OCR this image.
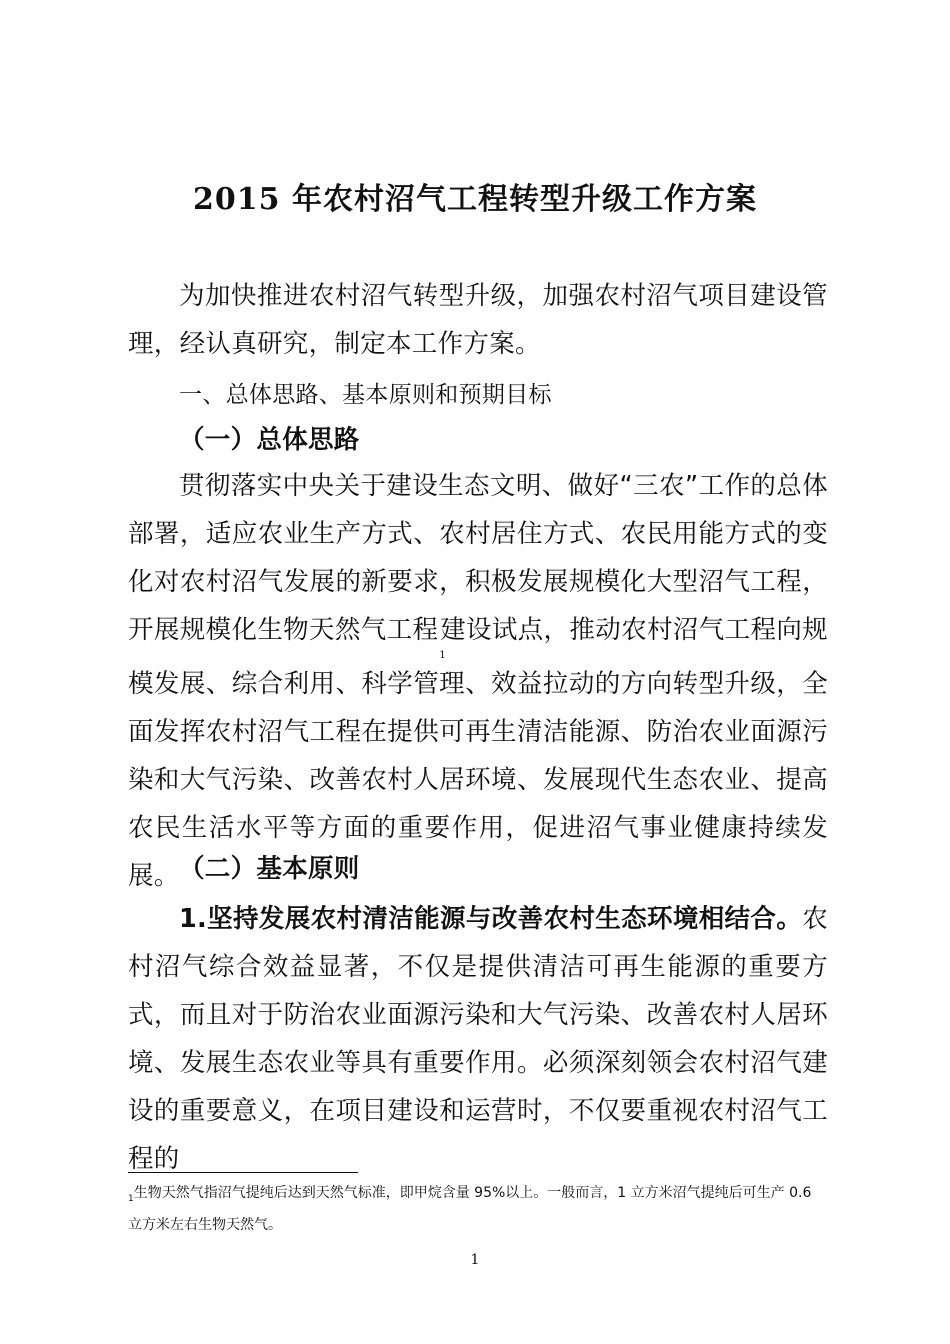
2015 年农村沼气工程转型升级工作方案

为加快推进农村沼气转型升级，加强农村沼气项目建设管理，经认真研究，制定本工作方案。

一、总体思路、基本原则和预期目标

（一）总体思路

贯彻落实中央关于建设生态文明、做好“三农”工作的总体部署，适应农业生产方式、农村居住方式、农民用能方式的变化对农村沼气发展的新要求，积极发展规模化大型沼气工程，开展规模化生物天然气工程$_1$建设试点，推动农村沼气工程向规模发展、综合利用、科学管理、效益拉动的方向转型升级，全面发挥农村沼气工程在提供可再生清洁能源、防治农业面源污染和大气污染、改善农村人居环境、发展现代生态农业、提高农民生活水平等方面的重要作用，促进沼气事业健康持续发展。 （二）基本原则

1.坚持发展农村清洁能源与改善农村生态环境相结合。农村沼气综合效益显著，不仅是提供清洁可再生能源的重要方式，而且对于防治农业面源污染和大气污染、改善农村人居环境、发展生态农业等具有重要作用。必须深刻领会农村沼气建设的重要意义，在项目建设和运营时，不仅要重视农村沼气工程的

$_1$生物天然气指沼气提纯后达到天然气标准，即甲烷含量 95%以上。一般而言，1 立方米沼气提纯后可生产 0.6 立方米左右生物天然气。
1
